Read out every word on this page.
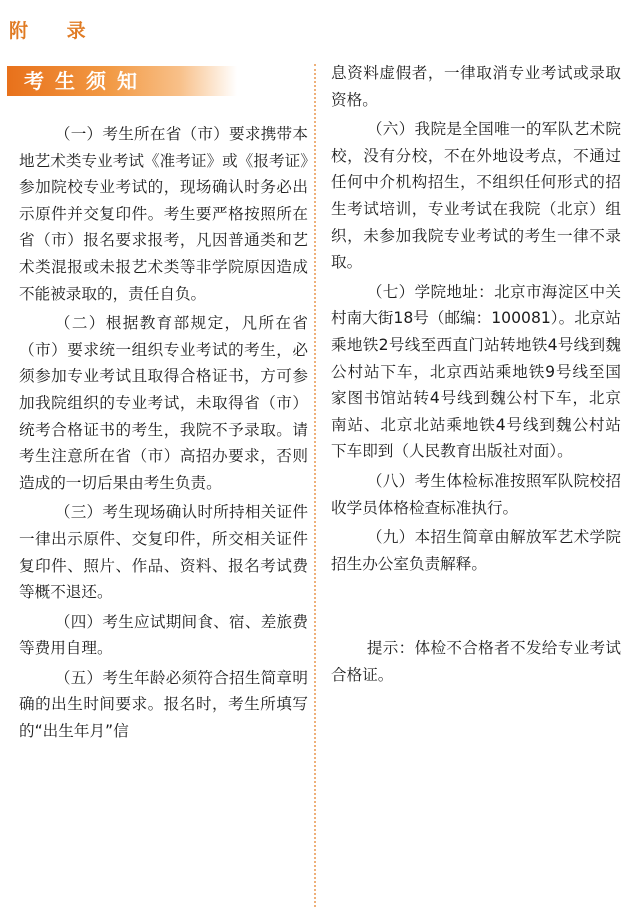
附 录
考生须知

（一）考生所在省（市）要求携带本地艺术类专业考试《准考证》或《报考证》参加院校专业考试的，现场确认时务必出示原件并交复印件。考生要严格按照所在省（市）报名要求报考，凡因普通类和艺术类混报或未报艺术类等非学院原因造成不能被录取的，责任自负。

（二）根据教育部规定，凡所在省（市）要求统一组织专业考试的考生，必须参加专业考试且取得合格证书，方可参加我院组织的专业考试，未取得省（市）统考合格证书的考生，我院不予录取。请考生注意所在省（市）高招办要求，否则造成的一切后果由考生负责。

（三）考生现场确认时所持相关证件一律出示原件、交复印件，所交相关证件复印件、照片、作品、资料、报名考试费等概不退还。

（四）考生应试期间食、宿、差旅费等费用自理。

（五）考生年龄必须符合招生简章明确的出生时间要求。报名时，考生所填写的“出生年月”信

息资料虚假者，一律取消专业考试或录取资格。

（六）我院是全国唯一的军队艺术院校，没有分校，不在外地设考点，不通过任何中介机构招生，不组织任何形式的招生考试培训，专业考试在我院（北京）组织，未参加我院专业考试的考生一律不录取。

（七）学院地址：北京市海淀区中关村南大街18号（邮编：100081）。北京站乘地铁2号线至西直门站转地铁4号线到魏公村站下车，北京西站乘地铁9号线至国家图书馆站转4号线到魏公村下车，北京南站、北京北站乘地铁4号线到魏公村站下车即到（人民教育出版社对面）。

（八）考生体检标准按照军队院校招收学员体格检查标准执行。

（九）本招生简章由解放军艺术学院招生办公室负责解释。

提示：体检不合格者不发给专业考试合格证。
